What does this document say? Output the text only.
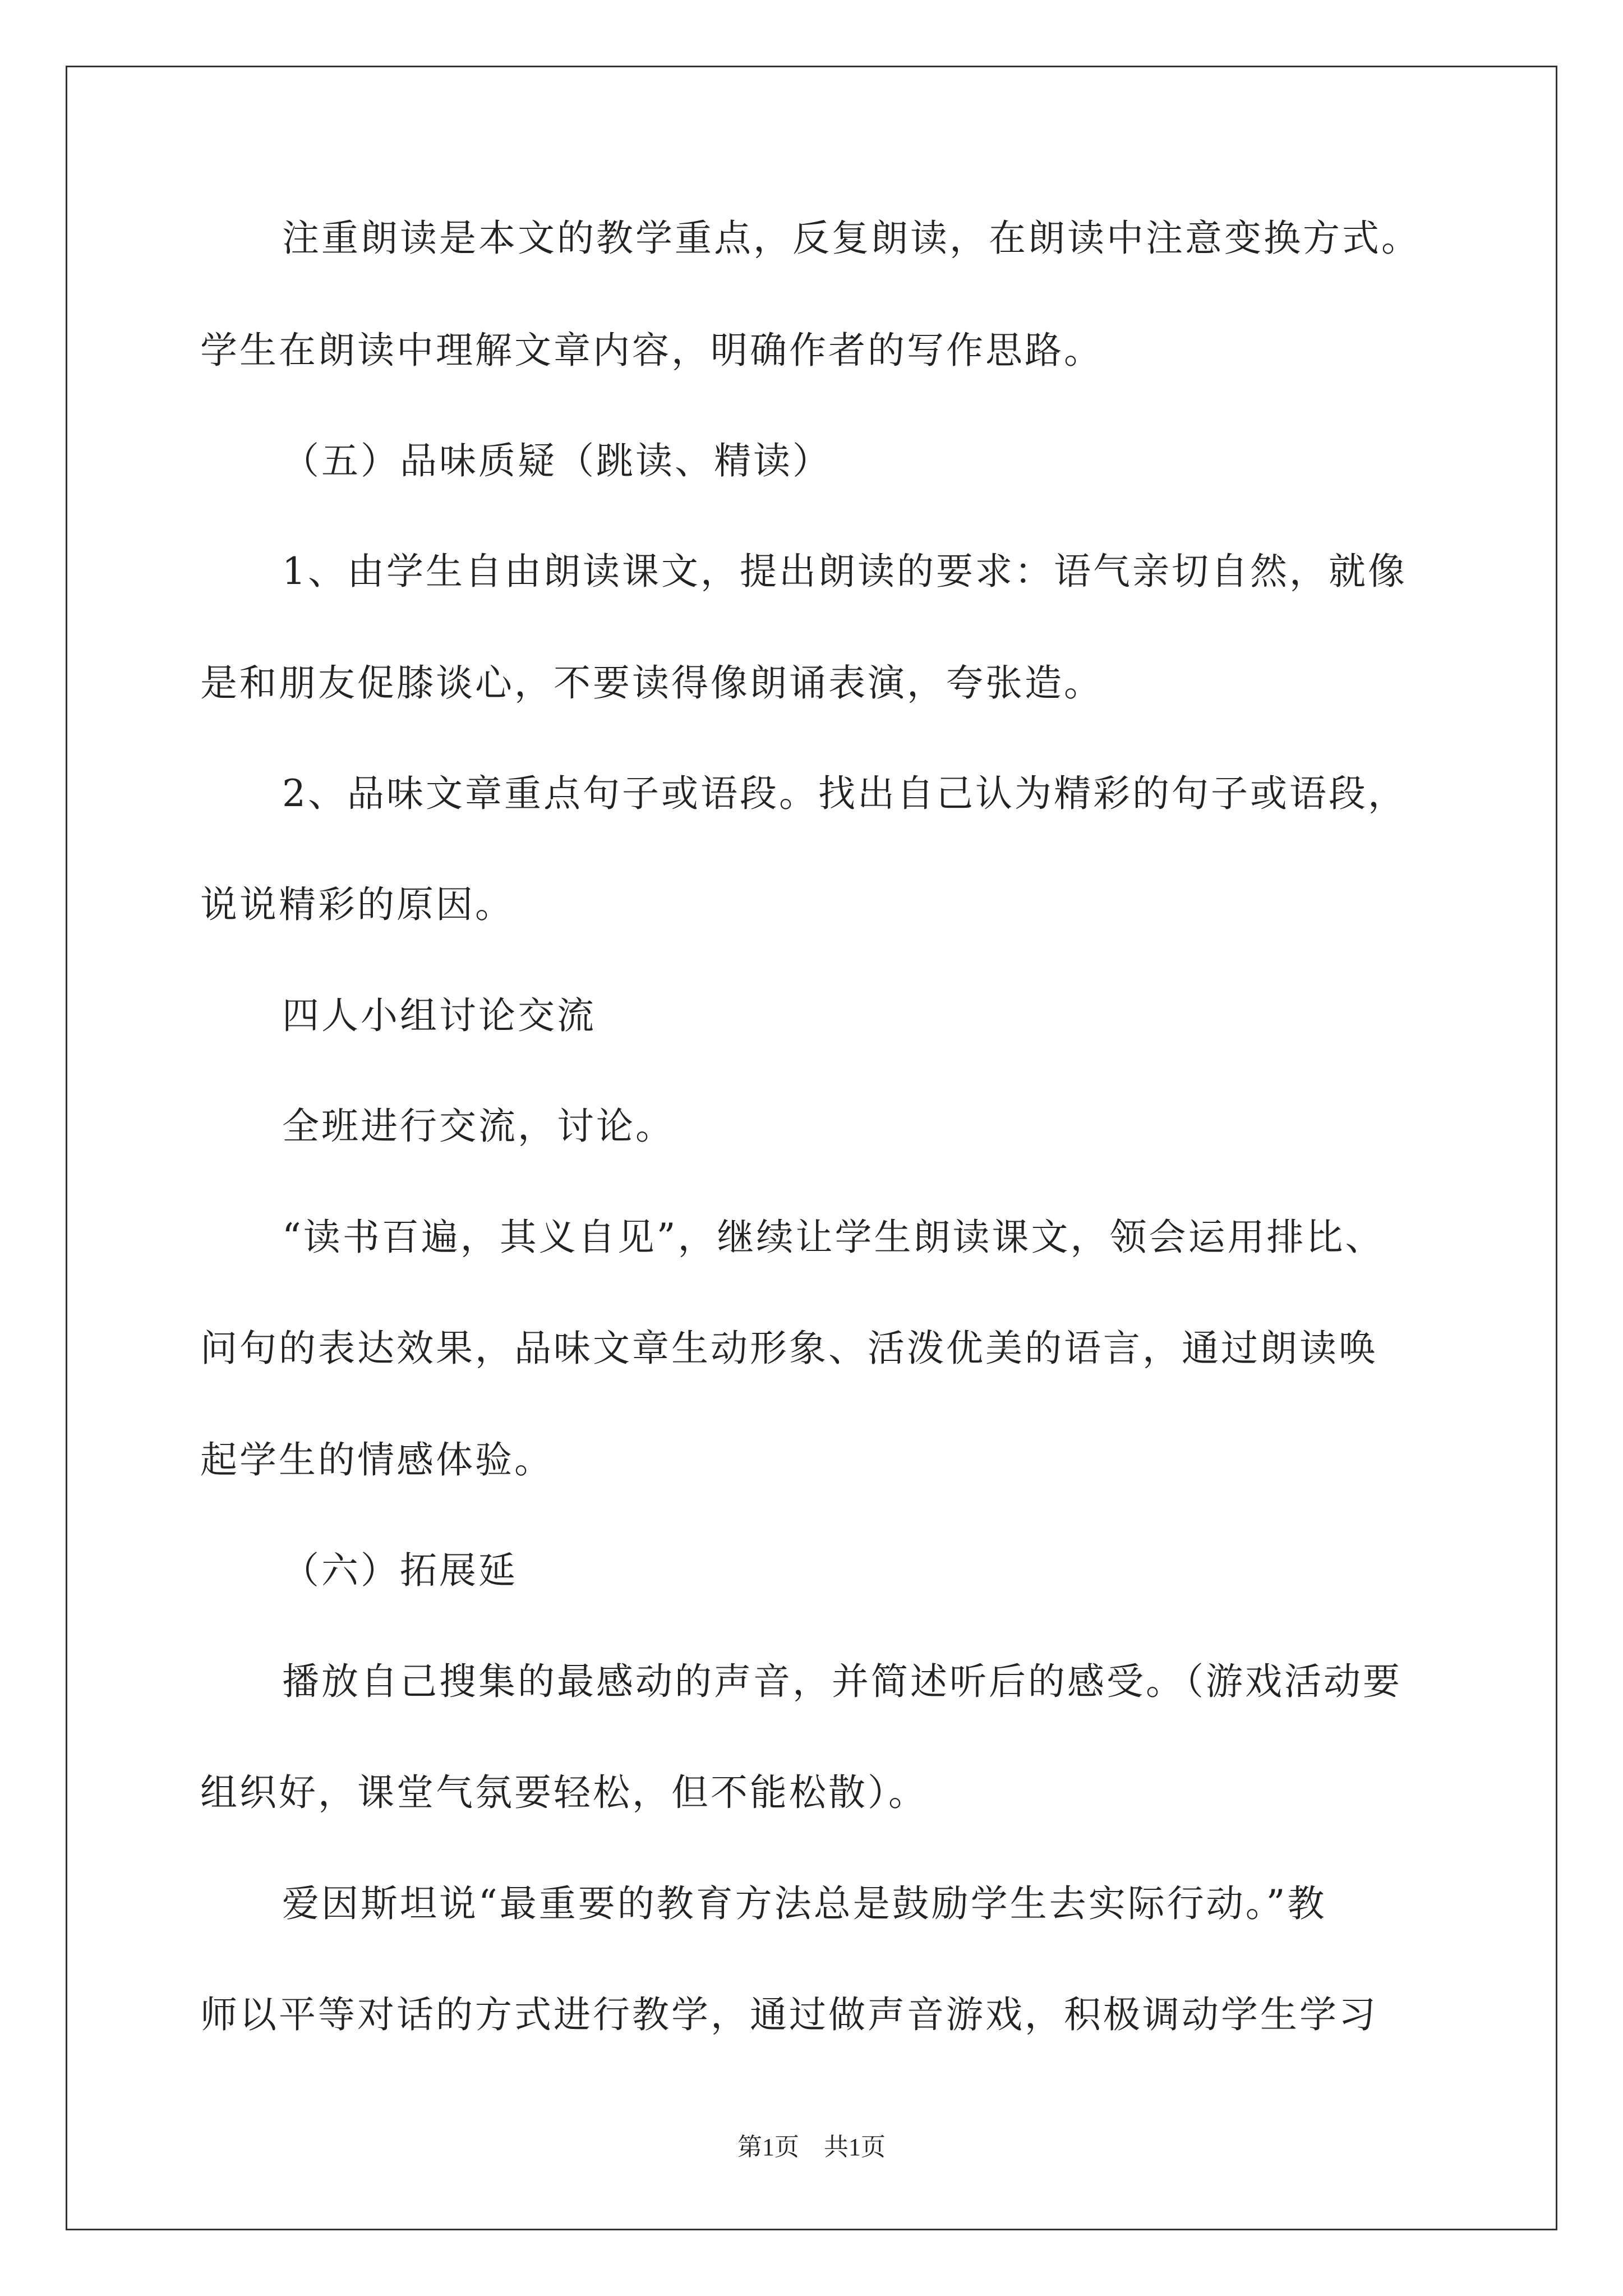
注重朗读是本文的教学重点，反复朗读，在朗读中注意变换方式。
学生在朗读中理解文章内容，明确作者的写作思路。
（五）品味质疑（跳读、精读）
1、由学生自由朗读课文，提出朗读的要求：语气亲切自然，就像
是和朋友促膝谈心，不要读得像朗诵表演，夸张造。
2、品味文章重点句子或语段。找出自己认为精彩的句子或语段，
说说精彩的原因。
四人小组讨论交流
全班进行交流，讨论。
“读书百遍，其义自见”，继续让学生朗读课文，领会运用排比、
问句的表达效果，品味文章生动形象、活泼优美的语言，通过朗读唤
起学生的情感体验。
（六）拓展延
播放自己搜集的最感动的声音，并简述听后的感受。（游戏活动要
组织好，课堂气氛要轻松，但不能松散）。
爱因斯坦说“最重要的教育方法总是鼓励学生去实际行动。”教
师以平等对话的方式进行教学，通过做声音游戏，积极调动学生学习
第1页　共1页
